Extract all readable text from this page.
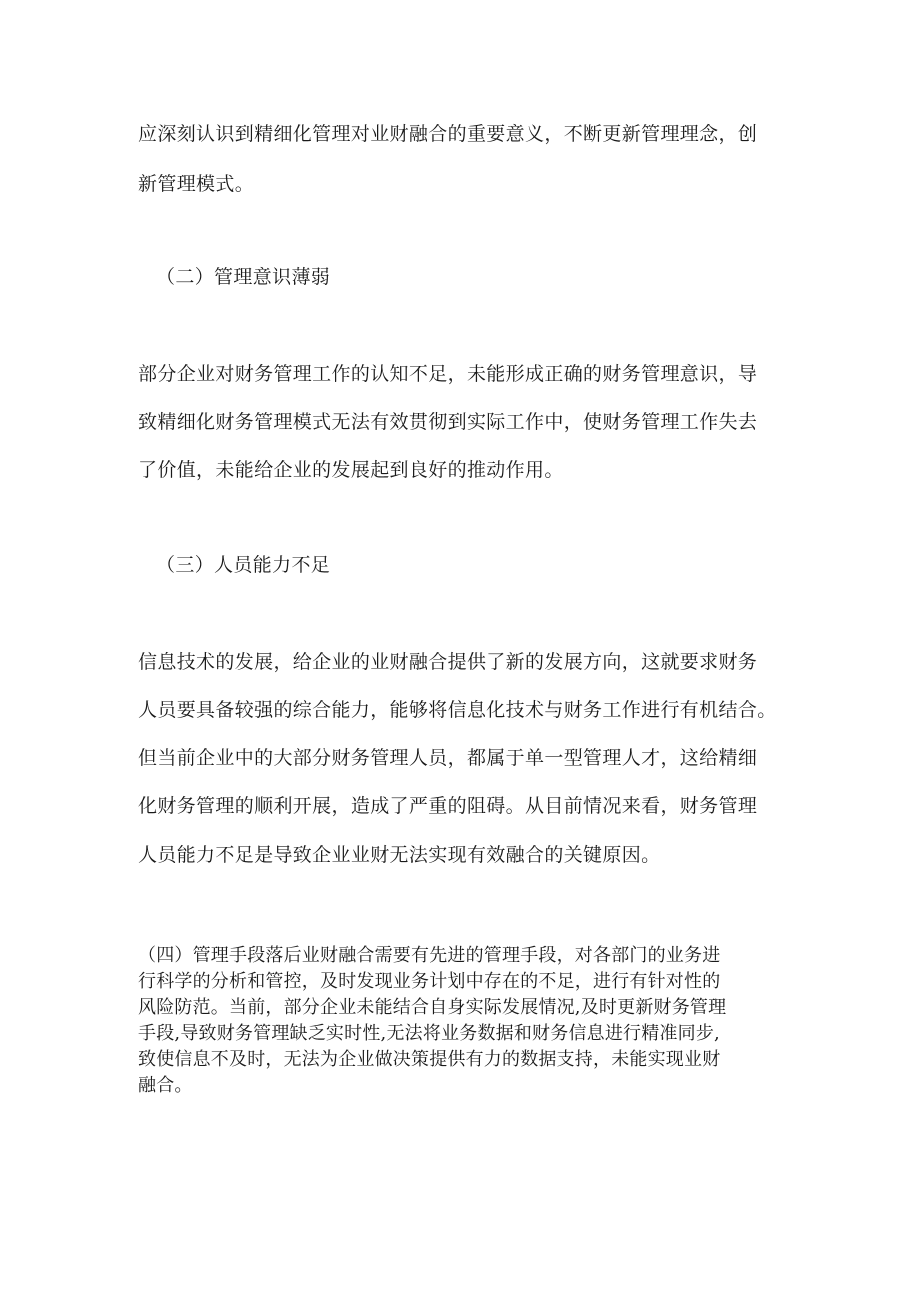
应深刻认识到精细化管理对业财融合的重要意义，不断更新管理理念，创
新管理模式。
（二）管理意识薄弱
部分企业对财务管理工作的认知不足，未能形成正确的财务管理意识，导
致精细化财务管理模式无法有效贯彻到实际工作中，使财务管理工作失去
了价值，未能给企业的发展起到良好的推动作用。
（三）人员能力不足
信息技术的发展，给企业的业财融合提供了新的发展方向，这就要求财务
人员要具备较强的综合能力，能够将信息化技术与财务工作进行有机结合。
但当前企业中的大部分财务管理人员，都属于单一型管理人才，这给精细
化财务管理的顺利开展，造成了严重的阻碍。从目前情况来看，财务管理
人员能力不足是导致企业业财无法实现有效融合的关键原因。
（四）管理手段落后业财融合需要有先进的管理手段，对各部门的业务进
行科学的分析和管控，及时发现业务计划中存在的不足，进行有针对性的
风险防范。当前，部分企业未能结合自身实际发展情况,及时更新财务管理
手段,导致财务管理缺乏实时性,无法将业务数据和财务信息进行精准同步,
致使信息不及时，无法为企业做决策提供有力的数据支持，未能实现业财
融合。
